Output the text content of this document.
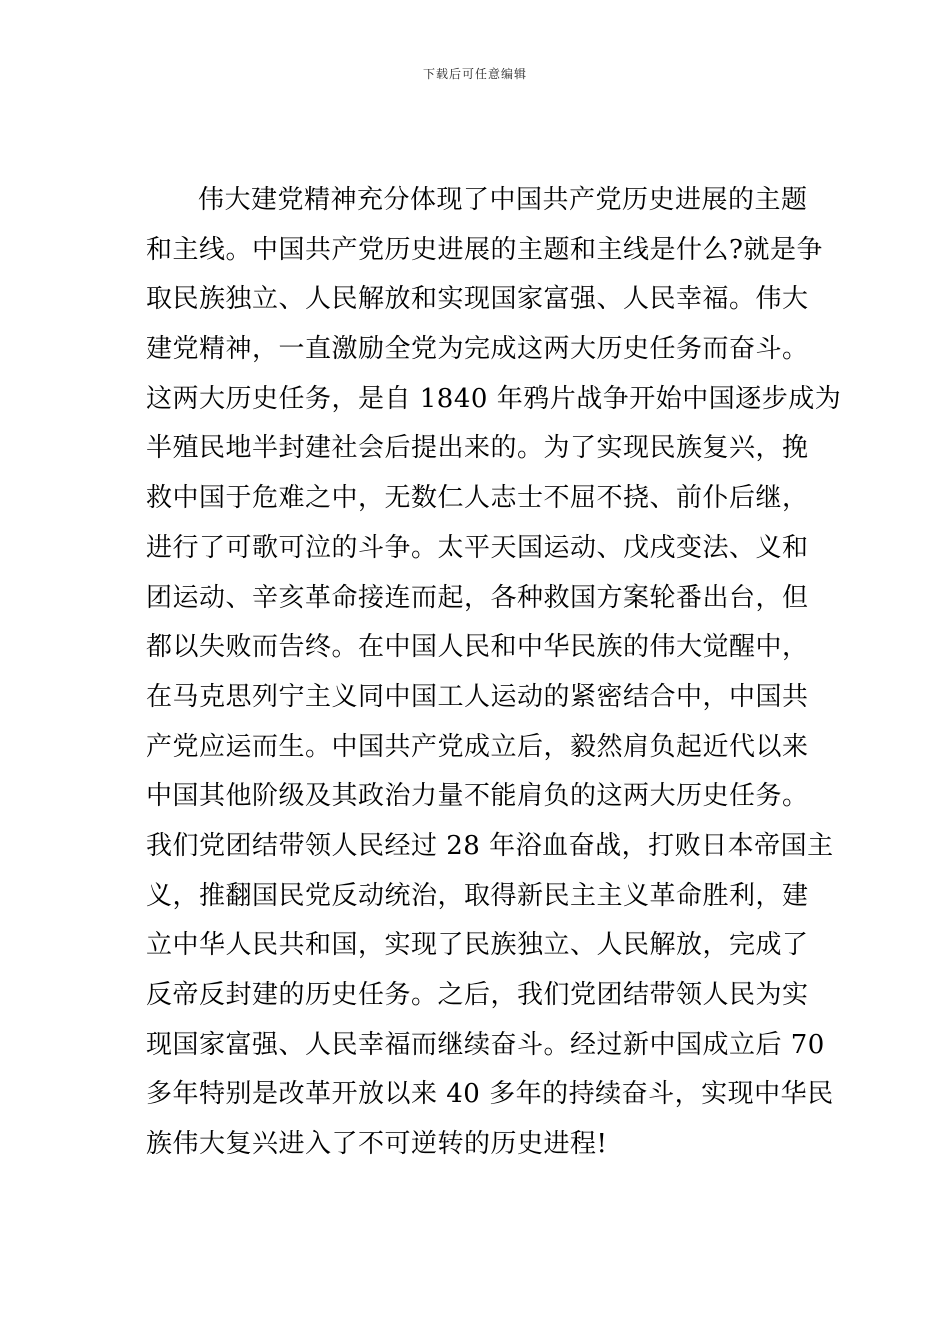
下载后可任意编辑
伟大建党精神充分体现了中国共产党历史进展的主题
和主线。中国共产党历史进展的主题和主线是什么?就是争
取民族独立、人民解放和实现国家富强、人民幸福。伟大
建党精神，一直激励全党为完成这两大历史任务而奋斗。
这两大历史任务，是自 1840 年鸦片战争开始中国逐步成为
半殖民地半封建社会后提出来的。为了实现民族复兴，挽
救中国于危难之中，无数仁人志士不屈不挠、前仆后继，
进行了可歌可泣的斗争。太平天国运动、戊戌变法、义和
团运动、辛亥革命接连而起，各种救国方案轮番出台，但
都以失败而告终。在中国人民和中华民族的伟大觉醒中，
在马克思列宁主义同中国工人运动的紧密结合中，中国共
产党应运而生。中国共产党成立后，毅然肩负起近代以来
中国其他阶级及其政治力量不能肩负的这两大历史任务。
我们党团结带领人民经过 28 年浴血奋战，打败日本帝国主
义，推翻国民党反动统治，取得新民主主义革命胜利，建
立中华人民共和国，实现了民族独立、人民解放，完成了
反帝反封建的历史任务。之后，我们党团结带领人民为实
现国家富强、人民幸福而继续奋斗。经过新中国成立后 70
多年特别是改革开放以来 40 多年的持续奋斗，实现中华民
族伟大复兴进入了不可逆转的历史进程!
